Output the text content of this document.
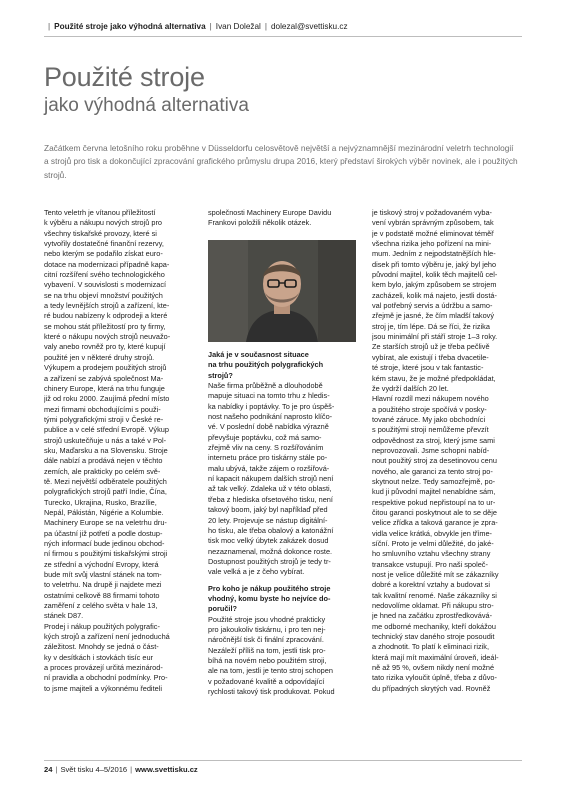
| Použité stroje jako výhodná alternativa | Ivan Doležal | dolezal@svettisku.cz
Použité stroje
jako výhodná alternativa
Začátkem června letošního roku proběhne v Düsseldorfu celosvětově největší a nejvýznamnější mezinárodní veletrh technologií a strojů pro tisk a dokončující zpracování grafického průmyslu drupa 2016, který představí širokých výběr novinek, ale i použitých strojů.
Tento veletrh je vítanou příležitostí
k výběru a nákupu nových strojů pro
všechny tiskařské provozy, které si
vytvořily dostatečné finanční rezervy,
nebo kterým se podařilo získat euro-
dotace na modernizaci případně kapa-
citní rozšíření svého technologického
vybavení. V souvislosti s modernizací
se na trhu objeví množství použitých
a tedy levnějších strojů a zařízení, kte-
ré budou nabízeny k odprodeji a které
se mohou stát příležitostí pro ty firmy,
které o nákupu nových strojů neuvažo-
valy anebo rovněž pro ty, které kupují
použité jen v některé druhy strojů.
Výkupem a prodejem použitých strojů
a zařízení se zabývá společnost Ma-
chinery Europe, která na trhu funguje
již od roku 2000. Zaujímá přední místo
mezi firmami obchodujícími s použi-
tými polygrafickými stroji v České re-
publice a v celé střední Evropě. Výkup
strojů uskutečňuje u nás a také v Pol-
sku, Maďarsku a na Slovensku. Stroje
dále nabízí a prodává nejen v těchto
zemích, ale prakticky po celém svě-
tě. Mezi největší odběratele použitých
polygrafických strojů patří Indie, Čína,
Turecko, Ukrajina, Rusko, Brazílie,
Nepál, Pákistán, Nigérie a Kolumbie.
Machinery Europe se na veletrhu dru-
pa účastní již potřetí a podle dostup-
ných informací bude jedinou obchod-
ní firmou s použitými tiskařskými stroji
ze střední a východní Evropy, která
bude mít svůj vlastní stánek na tom-
to veletrhu. Na drupě ji najdete mezi
ostatními celkově 88 firmami tohoto
zaměření z celého světa v hale 13,
stánek D87.
Prodej i nákup použitých polygrafic-
kých strojů a zařízení není jednoduchá
záležitost. Mnohdy se jedná o část-
ky v desítkách i stovkách tisíc eur
a proces provázejí určitá mezinárod-
ní pravidla a obchodní podmínky. Pro-
to jsme majiteli a výkonnému řediteli
společnosti Machinery Europe Davidu
Frankovi položili několik otázek.
Jaká je v současnost situace
na trhu použitých polygrafických
strojů?
Naše firma průběžně a dlouhodobě
mapuje situaci na tomto trhu z hledis-
ka nabídky i poptávky. To je pro úspěš-
nost našeho podnikání naprosto klíčo-
vé. V poslední době nabídka výrazně
převyšuje poptávku, což má samo-
zřejmě vliv na ceny. S rozšířováním
internetu práce pro tiskárny stále po-
malu ubývá, takže zájem o rozšiřová-
ní kapacit nákupem dalších strojů není
až tak velký. Zdaleka už v této oblasti,
třeba z hlediska ofsetového tisku, není
takový boom, jaký byl napříklaď před
20 lety. Projevuje se nástup digitální-
ho tisku, ale třeba obalový a katonážní
tisk moc velký úbytek zakázek dosud
nezaznamenal, možná dokonce roste.
Dostupnost použitých strojů je tedy tr-
vale velká a je z čeho vybírat.
Pro koho je nákup použitého stroje
vhodný, komu byste ho nejvíce do-
poručil?
Použité stroje jsou vhodné prakticky
pro jakoukoliv tiskárnu, i pro ten nej-
náročnější tisk či finální zpracování.
Nezáleží příliš na tom, jestli tisk pro-
bíhá na novém nebo použitém stroji,
ale na tom, jestli je tento stroj schopen
v požadované kvalitě a odpovídající
rychlosti takový tisk produkovat. Pokud
je tiskový stroj v požadovaném vyba-
vení vybrán správným způsobem, tak
je v podstatě možné eliminovat téměř
všechna rizika jeho pořízení na mini-
mum. Jedním z nejpodstatnějších hle-
disek při tomto výběru je, jaký byl jeho
původní majitel, kolik těch majitelů cel-
kem bylo, jakým způsobem se strojem
zacházeli, kolik má najeto, jestli dostá-
val potřebný servis a údržbu a samo-
zřejmě je jasné, že čím mladší takový
stroj je, tím lépe. Dá se říci, že rizika
jsou minimální při stáří stroje 1–3 roky.
Ze starších strojů už je třeba pečlivě
vybírat, ale existují i třeba dvacetile-
té stroje, které jsou v tak fantastic-
kém stavu, že je možné předpokládat,
že vydrží dalších 20 let.
Hlavní rozdíl mezi nákupem nového
a použitého stroje spočívá v posky-
tované záruce. My jako obchodníci
s použitými stroji nemůžeme převzít
odpovědnost za stroj, který jsme sami
neprovozovali. Jsme schopni nabíd-
nout použitý stroj za desetinovou cenu
nového, ale garanci za tento stroj po-
skytnout nelze. Tedy samozřejmě, po-
kud ji původní majitel nenabídne sám,
respektive pokud nepřistoupí na to ur-
čitou garanci poskytnout ale to se děje
velice zřídka a taková garance je zpra-
vidla velice krátká, obvykle jen tříme-
síční. Proto je velmi důležité, do jaké-
ho smluvního vztahu všechny strany
transakce vstupují. Pro naši společ-
nost je velice důležité mít se zákazníky
dobré a korektní vztahy a budovat si
tak kvalitní renomé. Naše zákazníky si
nedovolíme oklamat. Při nákupu stro-
je hned na začátku zprostředkovává-
me odborné mechaniky, kteří dokážou
technický stav daného stroje posoudit
a zhodnotit. To platí k eliminaci rizik,
která mají mít maximální úroveň, ideál-
ně až 95 %, ovšem nikdy není možné
tato rizika vyloučit úplně, třeba z důvo-
du případných skrytých vad. Rovněž
24 | Svět tisku 4–5/2016 | www.svettisku.cz
